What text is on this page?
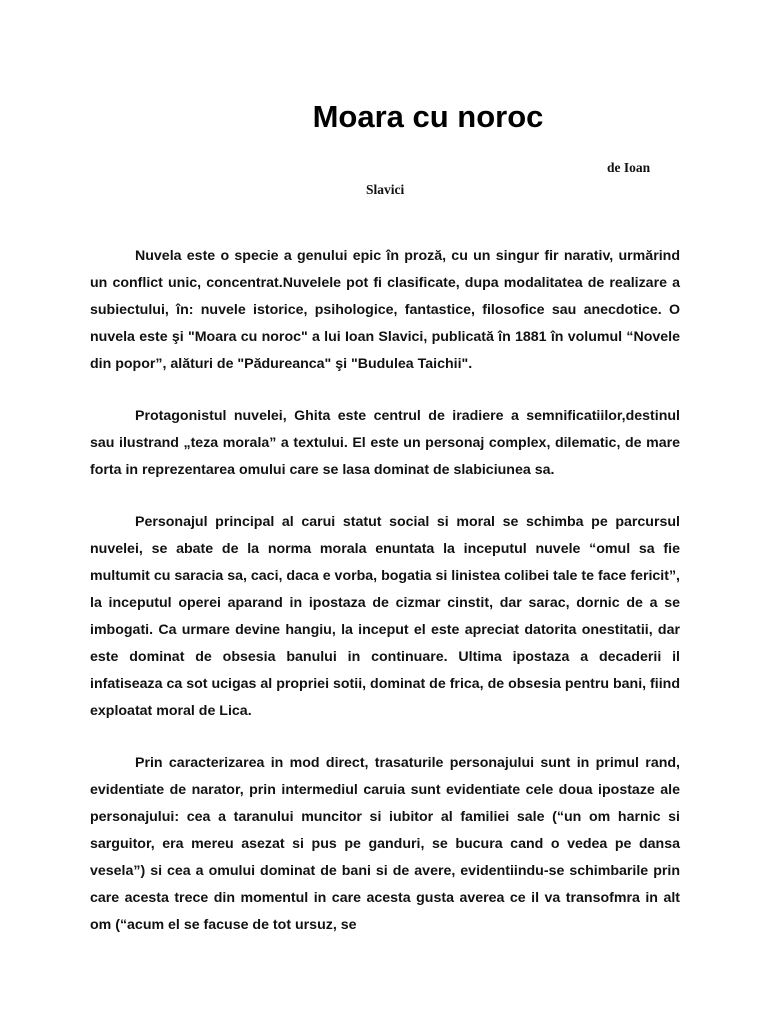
Moara cu noroc
de Ioan
Slavici

Nuvela este o specie a genului epic în proză, cu un singur fir narativ, urmărind un conflict unic, concentrat.Nuvelele pot fi clasificate, dupa modalitatea de realizare a subiectului, în: nuvele istorice, psihologice, fantastice, filosofice sau anecdotice. O nuvela este şi "Moara cu noroc" a lui Ioan Slavici, publicată în 1881 în volumul “Novele din popor”, alături de "Pădureanca" şi "Budulea Taichii".

Protagonistul nuvelei, Ghita este centrul de iradiere a semnificatiilor,destinul sau ilustrand „teza morala” a textului. El este un personaj complex, dilematic, de mare forta in reprezentarea omului care se lasa dominat de slabiciunea sa.

Personajul principal al carui statut social si moral se schimba pe parcursul nuvelei, se abate de la norma morala enuntata la inceputul nuvele “omul sa fie multumit cu saracia sa, caci, daca e vorba, bogatia si linistea colibei tale te face fericit”, la inceputul operei aparand in ipostaza de cizmar cinstit, dar sarac, dornic de a se imbogati. Ca urmare devine hangiu, la inceput el este apreciat datorita onestitatii, dar este dominat de obsesia banului in continuare. Ultima ipostaza a decaderii il infatiseaza ca sot ucigas al propriei sotii, dominat de frica, de obsesia pentru bani, fiind exploatat moral de Lica.

Prin caracterizarea in mod direct, trasaturile personajului sunt in primul rand, evidentiate de narator, prin intermediul caruia sunt evidentiate cele doua ipostaze ale personajului: cea a taranului muncitor si iubitor al familiei sale (“un om harnic si sarguitor, era mereu asezat si pus pe ganduri, se bucura cand o vedea pe dansa vesela”) si cea a omului dominat de bani si de avere, evidentiindu-se schimbarile prin care acesta trece din momentul in care acesta gusta averea ce il va transofmra in alt om (“acum el se facuse de tot ursuz, se
